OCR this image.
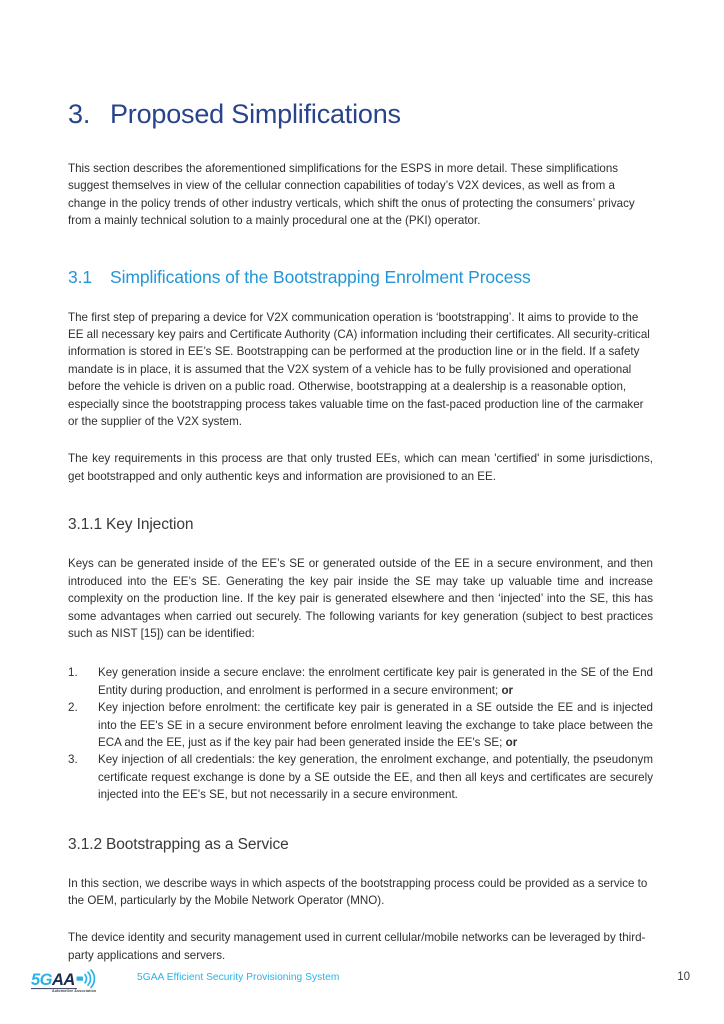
3. Proposed Simplifications

This section describes the aforementioned simplifications for the ESPS in more detail. These simplifications suggest themselves in view of the cellular connection capabilities of today’s V2X devices, as well as from a change in the policy trends of other industry verticals, which shift the onus of protecting the consumers’ privacy from a mainly technical solution to a mainly procedural one at the (PKI) operator.

3.1	Simplifications of the Bootstrapping Enrolment Process

The first step of preparing a device for V2X communication operation is ‘bootstrapping’. It aims to provide to the EE all necessary key pairs and Certificate Authority (CA) information including their certificates. All security-critical information is stored in EE’s SE. Bootstrapping can be performed at the production line or in the field. If a safety mandate is in place, it is assumed that the V2X system of a vehicle has to be fully provisioned and operational before the vehicle is driven on a public road. Otherwise, bootstrapping at a dealership is a reasonable option, especially since the bootstrapping process takes valuable time on the fast-paced production line of the carmaker or the supplier of the V2X system.

The key requirements in this process are that only trusted EEs, which can mean 'certified' in some jurisdictions, get bootstrapped and only authentic keys and information are provisioned to an EE.

3.1.1 Key Injection

Keys can be generated inside of the EE’s SE or generated outside of the EE in a secure environment, and then introduced into the EE’s SE. Generating the key pair inside the SE may take up valuable time and increase complexity on the production line. If the key pair is generated elsewhere and then ‘injected’ into the SE, this has some advantages when carried out securely. The following variants for key generation (subject to best practices such as NIST [15]) can be identified:

1.	Key generation inside a secure enclave: the enrolment certificate key pair is generated in the SE of the End Entity during production, and enrolment is performed in a secure environment; or
2.	Key injection before enrolment: the certificate key pair is generated in a SE outside the EE and is injected into the EE's SE in a secure environment before enrolment leaving the exchange to take place between the ECA and the EE, just as if the key pair had been generated inside the EE's SE; or
3.	Key injection of all credentials: the key generation, the enrolment exchange, and potentially, the pseudonym certificate request exchange is done by a SE outside the EE, and then all keys and certificates are securely injected into the EE's SE, but not necessarily in a secure environment.
3.1.2 Bootstrapping as a Service

In this section, we describe ways in which aspects of the bootstrapping process could be provided as a service to the OEM, particularly by the Mobile Network Operator (MNO).

The device identity and security management used in current cellular/mobile networks can be leveraged by third-party applications and servers.

5G AA
Automotive Association
5GAA Efficient Security Provisioning System	10
